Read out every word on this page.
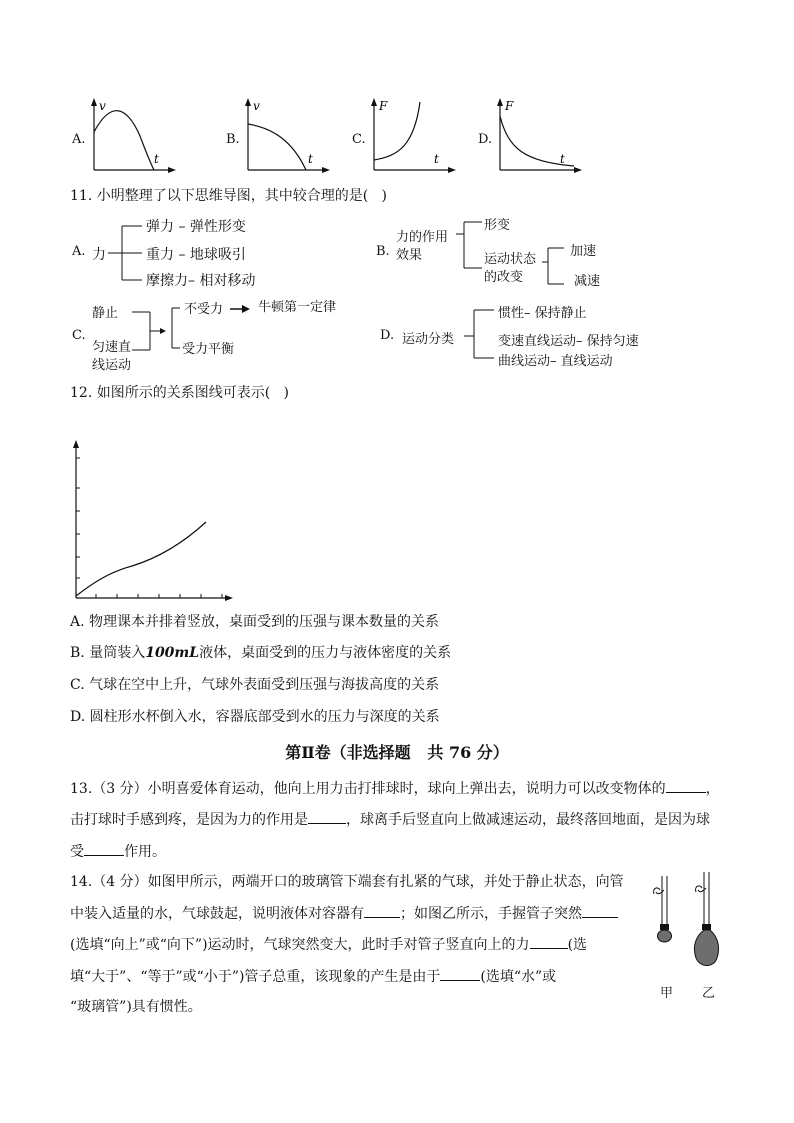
A.
v
t
B.
v
t
C.
F
t
D.
F
t
11. 小明整理了以下思维导图，其中较合理的是(   )
A. 力
弹力 – 弹性形变
重力 – 地球吸引
摩擦力– 相对移动
B.
力的作用
效果
形变
运动状态
的改变
加速
减速
C.
静止
匀速直
线运动
不受力	牛顿第一定律
受力平衡
D. 运动分类
惯性– 保持静止
变速直线运动– 保持匀速
曲线运动– 直线运动
12. 如图所示的关系图线可表示(   )
A. 物理课本并排着竖放，桌面受到的压强与课本数量的关系
B. 量筒装入100mL液体，桌面受到的压力与液体密度的关系
C. 气球在空中上升，气球外表面受到压强与海拔高度的关系
D. 圆柱形水杯倒入水，容器底部受到水的压力与深度的关系
第Ⅱ卷（非选择题   共 76 分）
13.（3 分）小明喜爱体育运动，他向上用力击打排球时，球向上弹出去，说明力可以改变物体的	，
击打球时手感到疼，是因为力的作用是	，球离手后竖直向上做减速运动，最终落回地面，是因为球
受	作用。
14.（4 分）如图甲所示，两端开口的玻璃管下端套有扎紧的气球，并处于静止状态，向管
中装入适量的水，气球鼓起，说明液体对容器有	；如图乙所示，手握管子突然
(选填“向上”或“向下”)运动时，气球突然变大，此时手对管子竖直向上的力	(选
填“大于”、“等于”或“小于”)管子总重，该现象的产生是由于	(选填“水”或
“玻璃管”)具有惯性。
甲 乙
